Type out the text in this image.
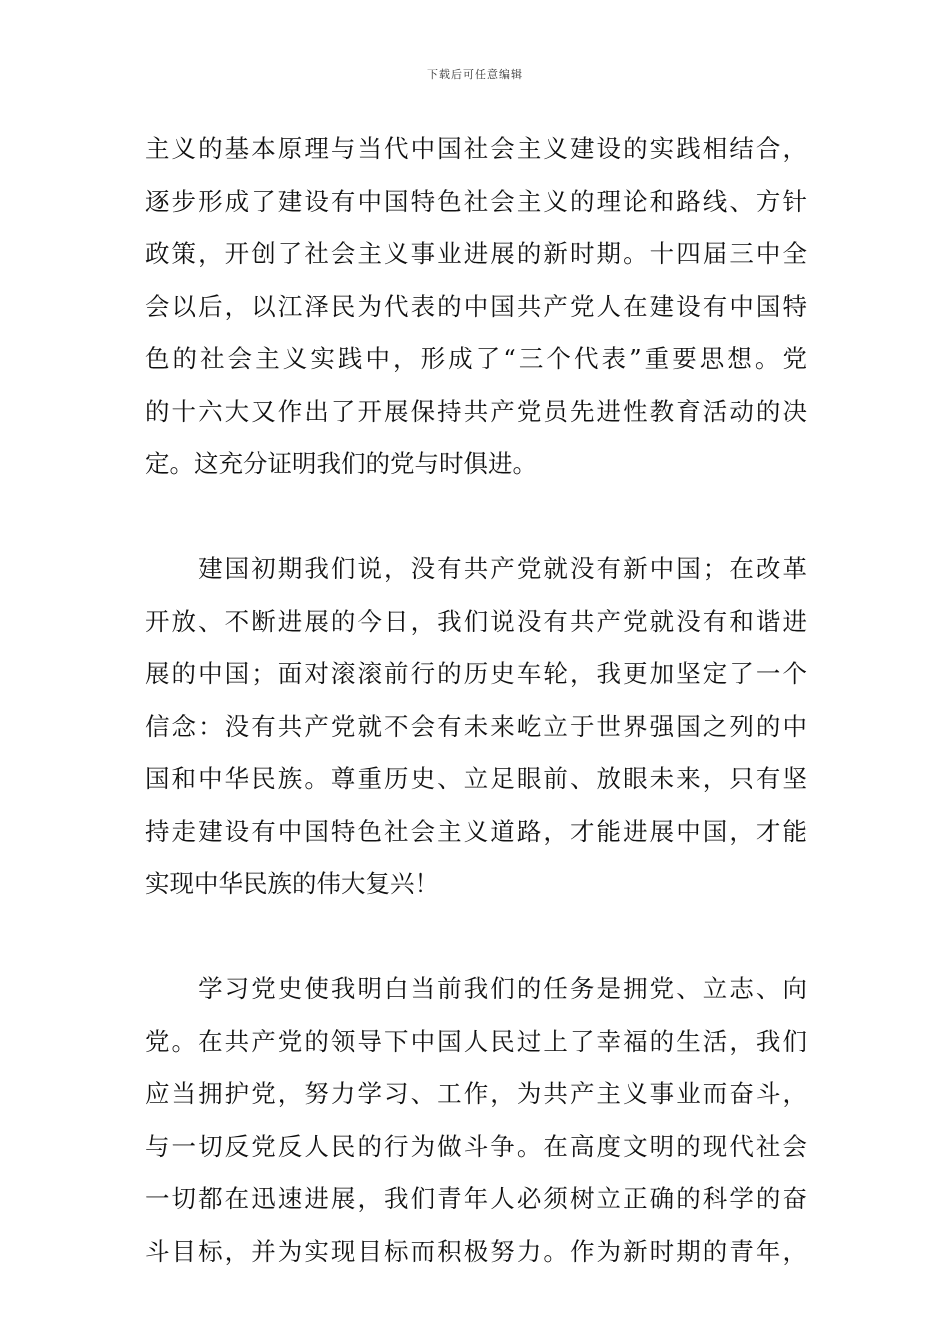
下载后可任意编辑
主义的基本原理与当代中国社会主义建设的实践相结合，
逐步形成了建设有中国特色社会主义的理论和路线、方针
政策，开创了社会主义事业进展的新时期。十四届三中全
会以后，以江泽民为代表的中国共产党人在建设有中国特
色的社会主义实践中，形成了“三个代表”重要思想。党
的十六大又作出了开展保持共产党员先进性教育活动的决
定。这充分证明我们的党与时俱进。
　　建国初期我们说，没有共产党就没有新中国；在改革
开放、不断进展的今日，我们说没有共产党就没有和谐进
展的中国；面对滚滚前行的历史车轮，我更加坚定了一个
信念：没有共产党就不会有未来屹立于世界强国之列的中
国和中华民族。尊重历史、立足眼前、放眼未来，只有坚
持走建设有中国特色社会主义道路，才能进展中国，才能
实现中华民族的伟大复兴！
　　学习党史使我明白当前我们的任务是拥党、立志、向
党。在共产党的领导下中国人民过上了幸福的生活，我们
应当拥护党，努力学习、工作，为共产主义事业而奋斗，
与一切反党反人民的行为做斗争。在高度文明的现代社会
一切都在迅速进展，我们青年人必须树立正确的科学的奋
斗目标，并为实现目标而积极努力。作为新时期的青年，
